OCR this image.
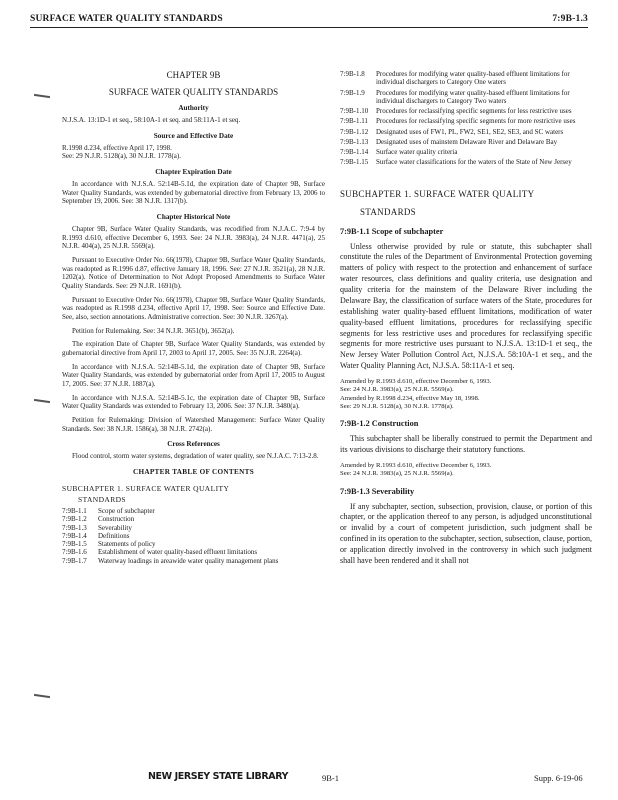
SURFACE WATER QUALITY STANDARDS	7:9B-1.3
CHAPTER 9B
SURFACE WATER QUALITY STANDARDS
Authority

N.J.S.A. 13:1D-1 et seq., 58:10A-1 et seq. and 58:11A-1 et seq.

Source and Effective Date

R.1998 d.234, effective April 17, 1998.

See: 29 N.J.R. 5128(a), 30 N.J.R. 1778(a).

Chapter Expiration Date

In accordance with N.J.S.A. 52:14B-5.1d, the expiration date of Chapter 9B, Surface Water Quality Standards, was extended by gubernatorial directive from February 13, 2006 to September 19, 2006. See: 38 N.J.R. 1317(b).

Chapter Historical Note

Chapter 9B, Surface Water Quality Standards, was recodified from N.J.A.C. 7:9-4 by R.1993 d.610, effective December 6, 1993. See: 24 N.J.R. 3983(a), 24 N.J.R. 4471(a), 25 N.J.R. 404(a), 25 N.J.R. 5569(a).

Pursuant to Executive Order No. 66(1978), Chapter 9B, Surface Water Quality Standards, was readopted as R.1996 d.87, effective January 18, 1996. See: 27 N.J.R. 3521(a), 28 N.J.R. 1202(a). Notice of Determination to Not Adopt Proposed Amendments to Surface Water Quality Standards. See: 29 N.J.R. 1691(b).

Pursuant to Executive Order No. 66(1978), Chapter 9B, Surface Water Quality Standards, was readopted as R.1998 d.234, effective April 17, 1998. See: Source and Effective Date. See, also, section annotations. Administrative correction. See: 30 N.J.R. 3267(a).

Petition for Rulemaking. See: 34 N.J.R. 3651(b), 3652(a).

The expiration Date of Chapter 9B, Surface Water Quality Standards, was extended by gubernatorial directive from April 17, 2003 to April 17, 2005. See: 35 N.J.R. 2264(a).

In accordance with N.J.S.A. 52:14B-5.1d, the expiration date of Chapter 9B, Surface Water Quality Standards, was extended by gubernatorial order from April 17, 2005 to August 17, 2005. See: 37 N.J.R. 1887(a).

In accordance with N.J.S.A. 52:14B-5.1c, the expiration date of Chapter 9B, Surface Water Quality Standards was extended to February 13, 2006. See: 37 N.J.R. 3480(a).

Petition for Rulemaking: Division of Watershed Management: Surface Water Quality Standards. See: 38 N.J.R. 1586(a), 38 N.J.R. 2742(a).

Cross References

Flood control, storm water systems, degradation of water quality, see N.J.A.C. 7:13-2.8.

CHAPTER TABLE OF CONTENTS
SUBCHAPTER 1. SURFACE WATER QUALITY
STANDARDS
7:9B-1.1	Scope of subchapter
7:9B-1.2	Construction
7:9B-1.3	Severability
7:9B-1.4	Definitions
7:9B-1.5	Statements of policy
7:9B-1.6	Establishment of water quality-based effluent limitations
7:9B-1.7	Waterway loadings in areawide water quality management plans
7:9B-1.8	Procedures for modifying water quality-based effluent limitations for individual dischargers to Category One waters
7:9B-1.9	Procedures for modifying water quality-based effluent limitations for individual dischargers to Category Two waters
7:9B-1.10	Procedures for reclassifying specific segments for less restrictive uses
7:9B-1.11	Procedures for reclassifying specific segments for more restrictive uses
7:9B-1.12	Designated uses of FW1, PL, FW2, SE1, SE2, SE3, and SC waters
7:9B-1.13	Designated uses of mainstem Delaware River and Delaware Bay
7:9B-1.14	Surface water quality criteria
7:9B-1.15	Surface water classifications for the waters of the State of New Jersey
SUBCHAPTER 1. SURFACE WATER QUALITY
STANDARDS
7:9B-1.1 Scope of subchapter

Unless otherwise provided by rule or statute, this subchapter shall constitute the rules of the Department of Environmental Protection governing matters of policy with respect to the protection and enhancement of surface water resources, class definitions and quality criteria, use designation and quality criteria for the mainstem of the Delaware River including the Delaware Bay, the classification of surface waters of the State, procedures for establishing water quality-based effluent limitations, modification of water quality-based effluent limitations, procedures for reclassifying specific segments for less restrictive uses and procedures for reclassifying specific segments for more restrictive uses pursuant to N.J.S.A. 13:1D-1 et seq., the New Jersey Water Pollution Control Act, N.J.S.A. 58:10A-1 et seq., and the Water Quality Planning Act, N.J.S.A. 58:11A-1 et seq.

Amended by R.1993 d.610, effective December 6, 1993.

See: 24 N.J.R. 3983(a), 25 N.J.R. 5569(a).

Amended by R.1998 d.234, effective May 18, 1998.

See: 29 N.J.R. 5128(a), 30 N.J.R. 1778(a).

7:9B-1.2 Construction

This subchapter shall be liberally construed to permit the Department and its various divisions to discharge their statutory functions.

Amended by R.1993 d.610, effective December 6, 1993.

See: 24 N.J.R. 3983(a), 25 N.J.R. 5569(a).

7:9B-1.3 Severability

If any subchapter, section, subsection, provision, clause, or portion of this chapter, or the application thereof to any person, is adjudged unconstitutional or invalid by a court of competent jurisdiction, such judgment shall be confined in its operation to the subchapter, section, subsection, clause, portion, or application directly involved in the controversy in which such judgment shall have been rendered and it shall not

NEW JERSEY STATE LIBRARY	9B-1	Supp. 6-19-06
